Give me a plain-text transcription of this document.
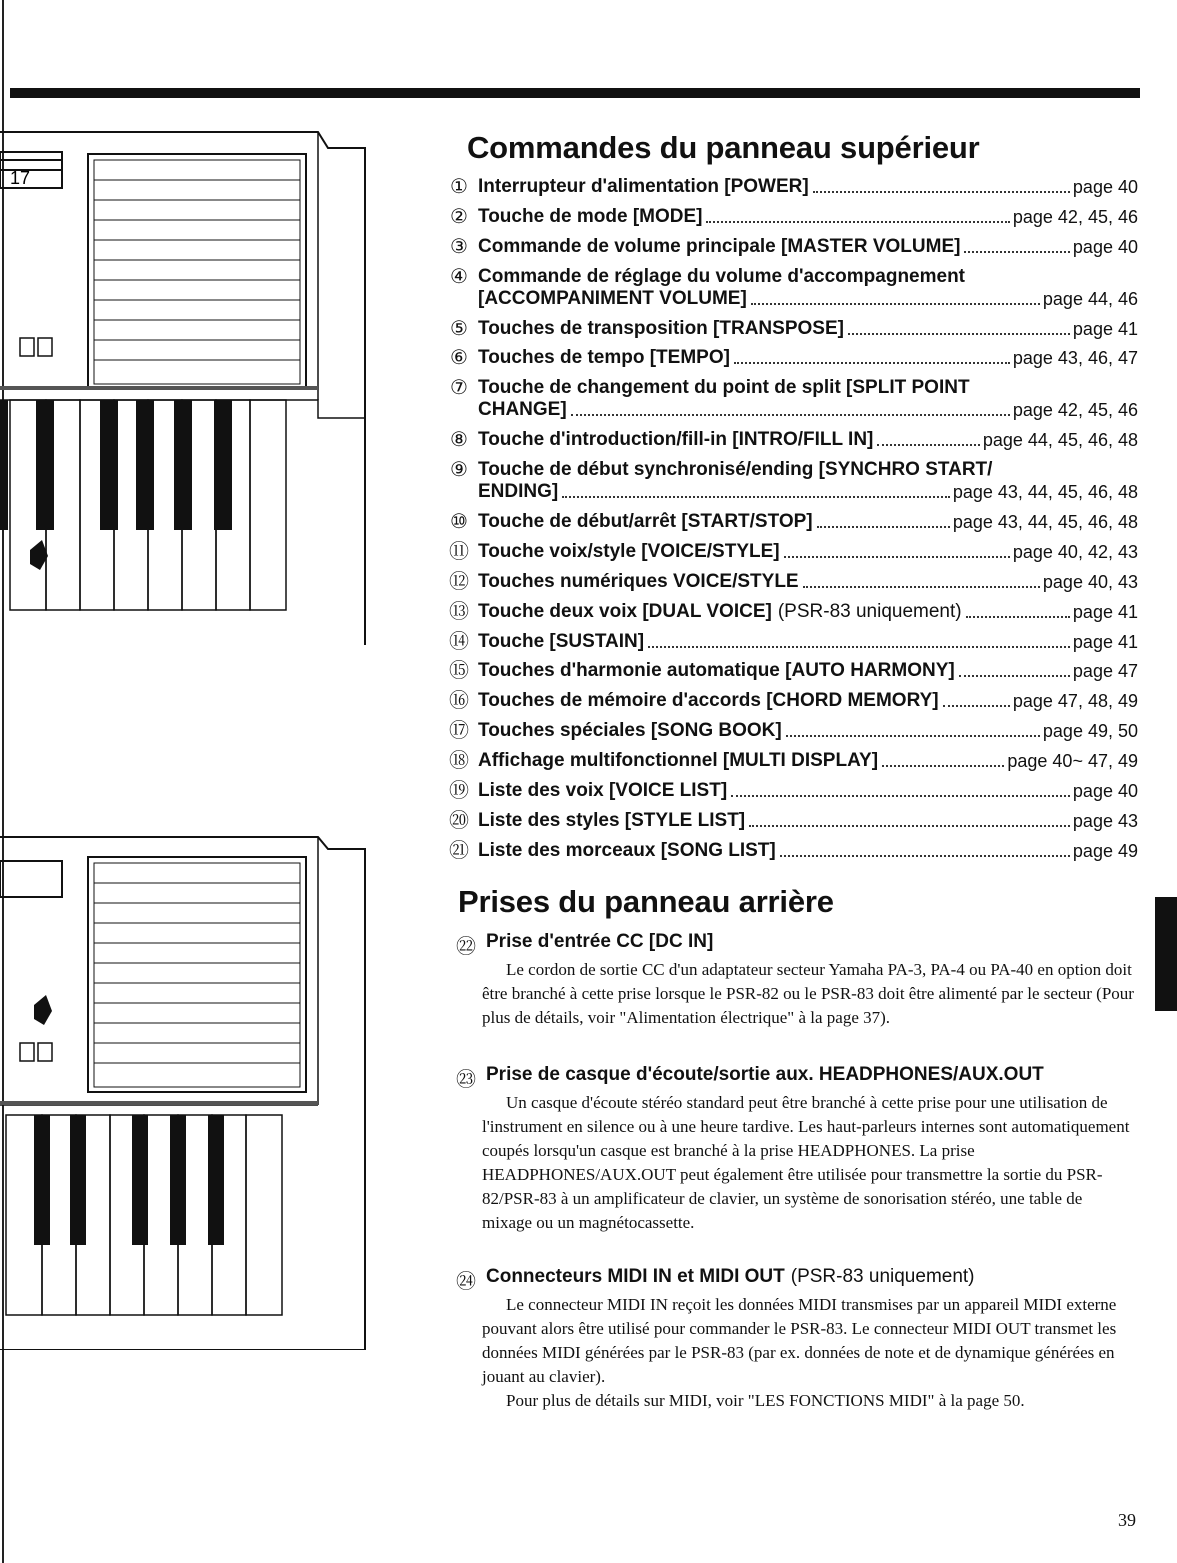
17
Commandes du panneau supérieur
① Interrupteur d'alimentation [POWER]	page 40
② Touche de mode [MODE]	page 42, 45, 46
③ Commande de volume principale [MASTER VOLUME]	page 40
④ Commande de réglage du volume d'accompagnement
[ACCOMPANIMENT VOLUME]	page 44, 46
⑤ Touches de transposition [TRANSPOSE]	page 41
⑥ Touches de tempo [TEMPO]	page 43, 46, 47
⑦ Touche de changement du point de split [SPLIT POINT
CHANGE]	page 42, 45, 46
⑧ Touche d'introduction/fill-in [INTRO/FILL IN]	page 44, 45, 46, 48
⑨ Touche de début synchronisé/ending [SYNCHRO START/
ENDING]	page 43, 44, 45, 46, 48
⑩ Touche de début/arrêt [START/STOP]	page 43, 44, 45, 46, 48
⑪ Touche voix/style [VOICE/STYLE]	page 40, 42, 43
⑫ Touches numériques VOICE/STYLE	page 40, 43
⑬ Touche deux voix [DUAL VOICE] (PSR-83 uniquement)	page 41
⑭ Touche [SUSTAIN]	page 41
⑮ Touches d'harmonie automatique [AUTO HARMONY]	page 47
⑯ Touches de mémoire d'accords [CHORD MEMORY]	page 47, 48, 49
⑰ Touches spéciales [SONG BOOK]	page 49, 50
⑱ Affichage multifonctionnel [MULTI DISPLAY]	page 40~ 47, 49
⑲ Liste des voix [VOICE LIST]	page 40
⑳ Liste des styles [STYLE LIST]	page 43
㉑ Liste des morceaux [SONG LIST]	page 49
Prises du panneau arrière
㉒ Prise d'entrée CC [DC IN]

Le cordon de sortie CC d'un adaptateur secteur Yamaha PA-3, PA-4 ou PA-40 en option doit être branché à cette prise lorsque le PSR-82 ou le PSR-83 doit être alimenté par le secteur (Pour plus de détails, voir "Alimentation électrique" à la page 37).

㉓ Prise de casque d'écoute/sortie aux. HEADPHONES/AUX.OUT

Un casque d'écoute stéréo standard peut être branché à cette prise pour une utilisation de l'instrument en silence ou à une heure tardive. Les haut-parleurs internes sont automatiquement coupés lorsqu'un casque est branché à la prise HEADPHONES. La prise HEADPHONES/AUX.OUT peut également être utilisée pour transmettre la sortie du PSR-82/PSR-83 à un amplificateur de clavier, un système de sonorisation stéréo, une table de mixage ou un magnétocassette.

㉔ Connecteurs MIDI IN et MIDI OUT (PSR-83 uniquement)

Le connecteur MIDI IN reçoit les données MIDI transmises par un appareil MIDI externe pouvant alors être utilisé pour commander le PSR-83. Le connecteur MIDI OUT transmet les données MIDI générées par le PSR-83 (par ex. données de note et de dynamique générées en jouant au clavier).

Pour plus de détails sur MIDI, voir "LES FONCTIONS MIDI" à la page 50.

39
